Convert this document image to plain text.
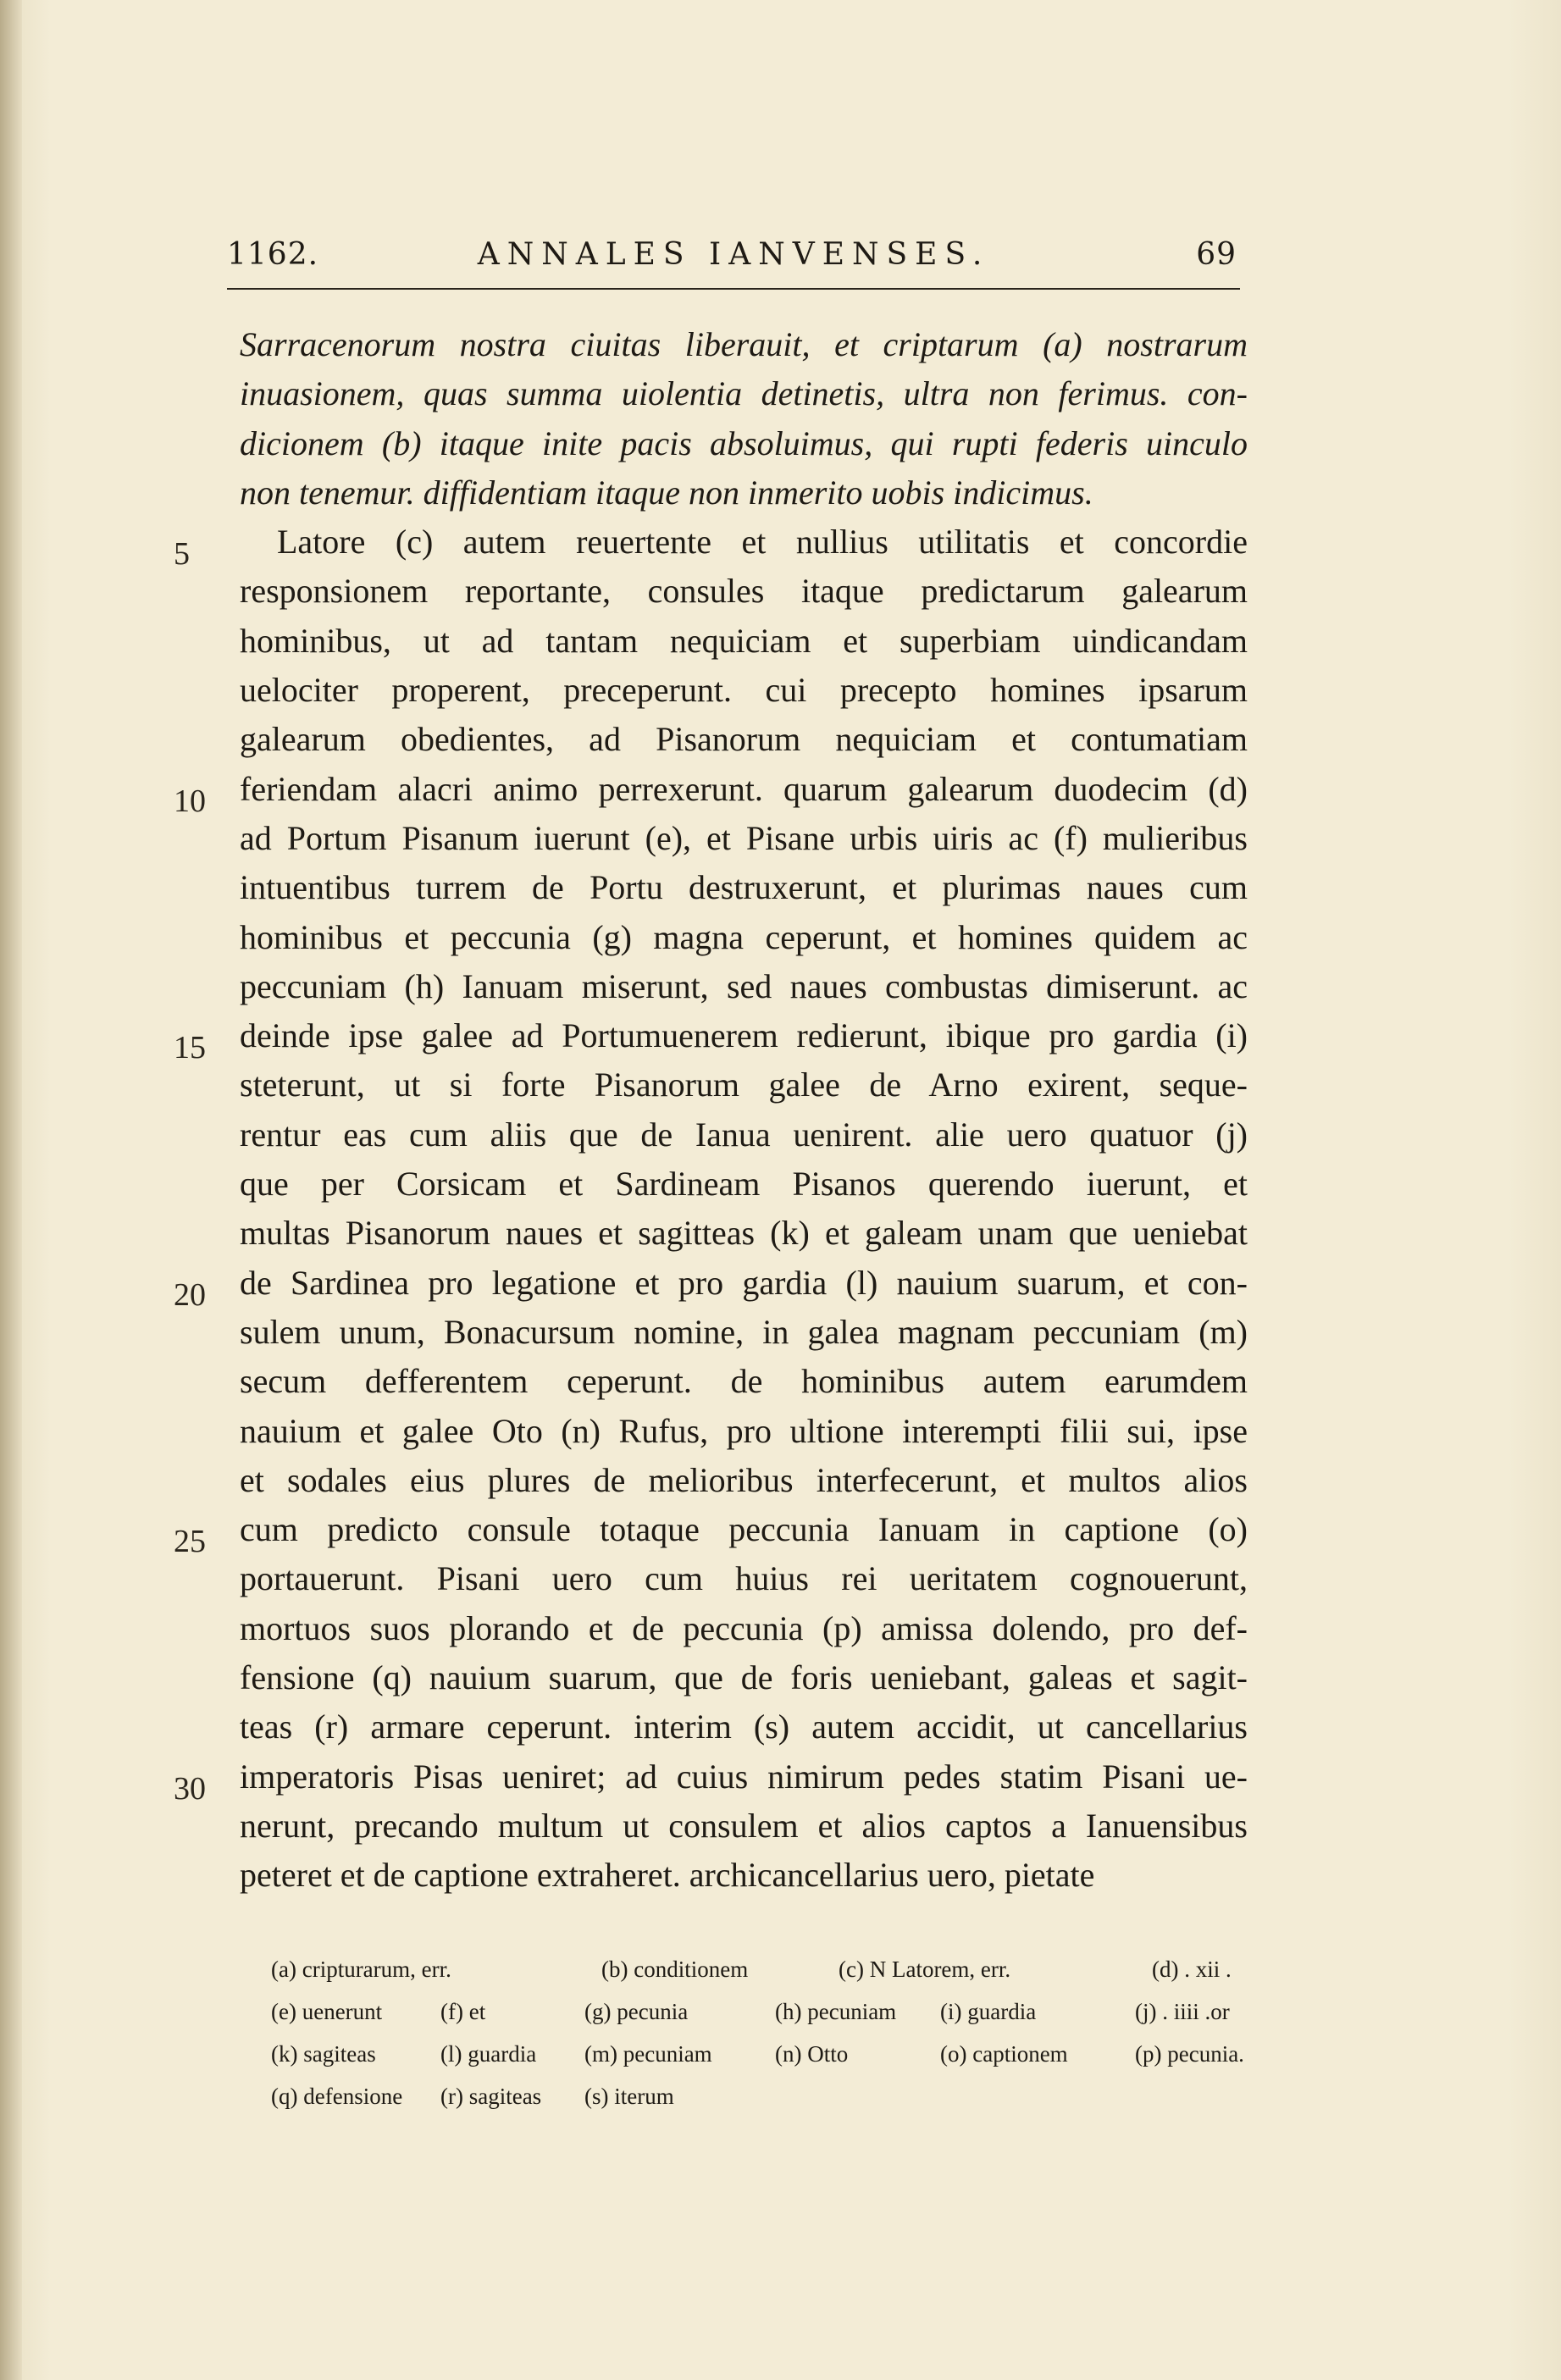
1162.	ANNALES IANVENSES.	69
5
10
15
20
25
30
Sarracenorum nostra ciuitas liberauit, et criptarum (a) nostrarum
inuasionem, quas summa uiolentia detinetis, ultra non ferimus. con-
dicionem (b) itaque inite pacis absoluimus, qui rupti federis uinculo
non tenemur. diffidentiam itaque non inmerito uobis indicimus.
Latore (c) autem reuertente et nullius utilitatis et concordie
responsionem reportante, consules itaque predictarum galearum
hominibus, ut ad tantam nequiciam et superbiam uindicandam
uelociter properent, preceperunt. cui precepto homines ipsarum
galearum obedientes, ad Pisanorum nequiciam et contumatiam
feriendam alacri animo perrexerunt. quarum galearum duodecim (d)
ad Portum Pisanum iuerunt (e), et Pisane urbis uiris ac (f) mulieribus
intuentibus turrem de Portu destruxerunt, et plurimas naues cum
hominibus et peccunia (g) magna ceperunt, et homines quidem ac
peccuniam (h) Ianuam miserunt, sed naues combustas dimiserunt. ac
deinde ipse galee ad Portumuenerem redierunt, ibique pro gardia (i)
steterunt, ut si forte Pisanorum galee de Arno exirent, seque-
rentur eas cum aliis que de Ianua uenirent. alie uero quatuor (j)
que per Corsicam et Sardineam Pisanos querendo iuerunt, et
multas Pisanorum naues et sagitteas (k) et galeam unam que ueniebat
de Sardinea pro legatione et pro gardia (l) nauium suarum, et con-
sulem unum, Bonacursum nomine, in galea magnam peccuniam (m)
secum defferentem ceperunt. de hominibus autem earumdem
nauium et galee Oto (n) Rufus, pro ultione interempti filii sui, ipse
et sodales eius plures de melioribus interfecerunt, et multos alios
cum predicto consule totaque peccunia Ianuam in captione (o)
portauerunt. Pisani uero cum huius rei ueritatem cognouerunt,
mortuos suos plorando et de peccunia (p) amissa dolendo, pro def-
fensione (q) nauium suarum, que de foris ueniebant, galeas et sagit-
teas (r) armare ceperunt. interim (s) autem accidit, ut cancellarius
imperatoris Pisas ueniret; ad cuius nimirum pedes statim Pisani ue-
nerunt, precando multum ut consulem et alios captos a Ianuensibus
peteret et de captione extraheret. archicancellarius uero, pietate
(a) cripturarum, err.	(b) conditionem	(c) N Latorem, err.	(d) . xii .
(e) uenerunt	(f) et	(g) pecunia	(h) pecuniam (i) guardia	(j) . iiii .or
(k) sagiteas	(l) guardia (m) pecuniam	(n) Otto	(o) captionem	(p) pecunia.
(q) defensione (r) sagiteas (s) iterum
